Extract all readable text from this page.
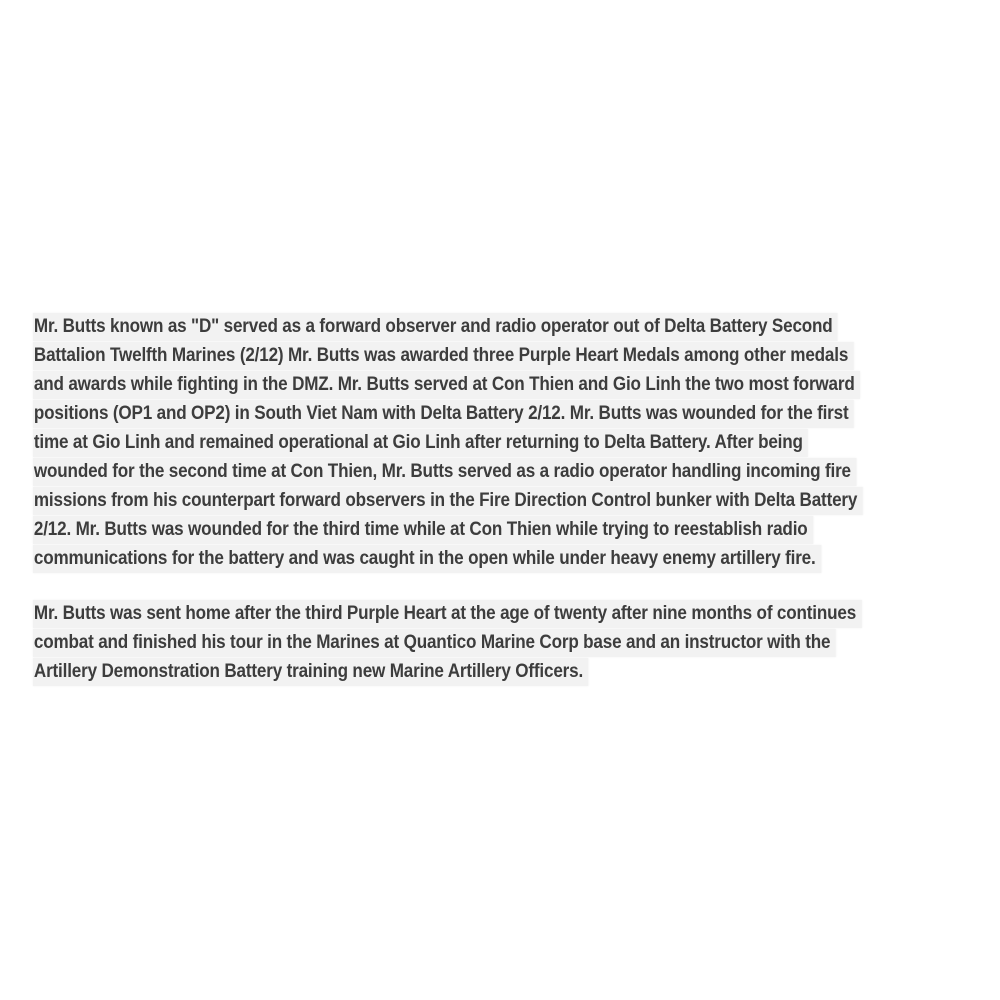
Mr. Butts known as "D" served as a forward observer and radio operator out of Delta Battery Second
Battalion Twelfth Marines (2/12) Mr. Butts was awarded three Purple Heart Medals among other medals
and awards while fighting in the DMZ. Mr. Butts served at Con Thien and Gio Linh the two most forward
positions (OP1 and OP2) in South Viet Nam with Delta Battery 2/12. Mr. Butts was wounded for the first
time at Gio Linh and remained operational at Gio Linh after returning to Delta Battery. After being
wounded for the second time at Con Thien, Mr. Butts served as a radio operator handling incoming fire
missions from his counterpart forward observers in the Fire Direction Control bunker with Delta Battery
2/12. Mr. Butts was wounded for the third time while at Con Thien while trying to reestablish radio
communications for the battery and was caught in the open while under heavy enemy artillery fire.
Mr. Butts was sent home after the third Purple Heart at the age of twenty after nine months of continues
combat and finished his tour in the Marines at Quantico Marine Corp base and an instructor with the
Artillery Demonstration Battery training new Marine Artillery Officers.
